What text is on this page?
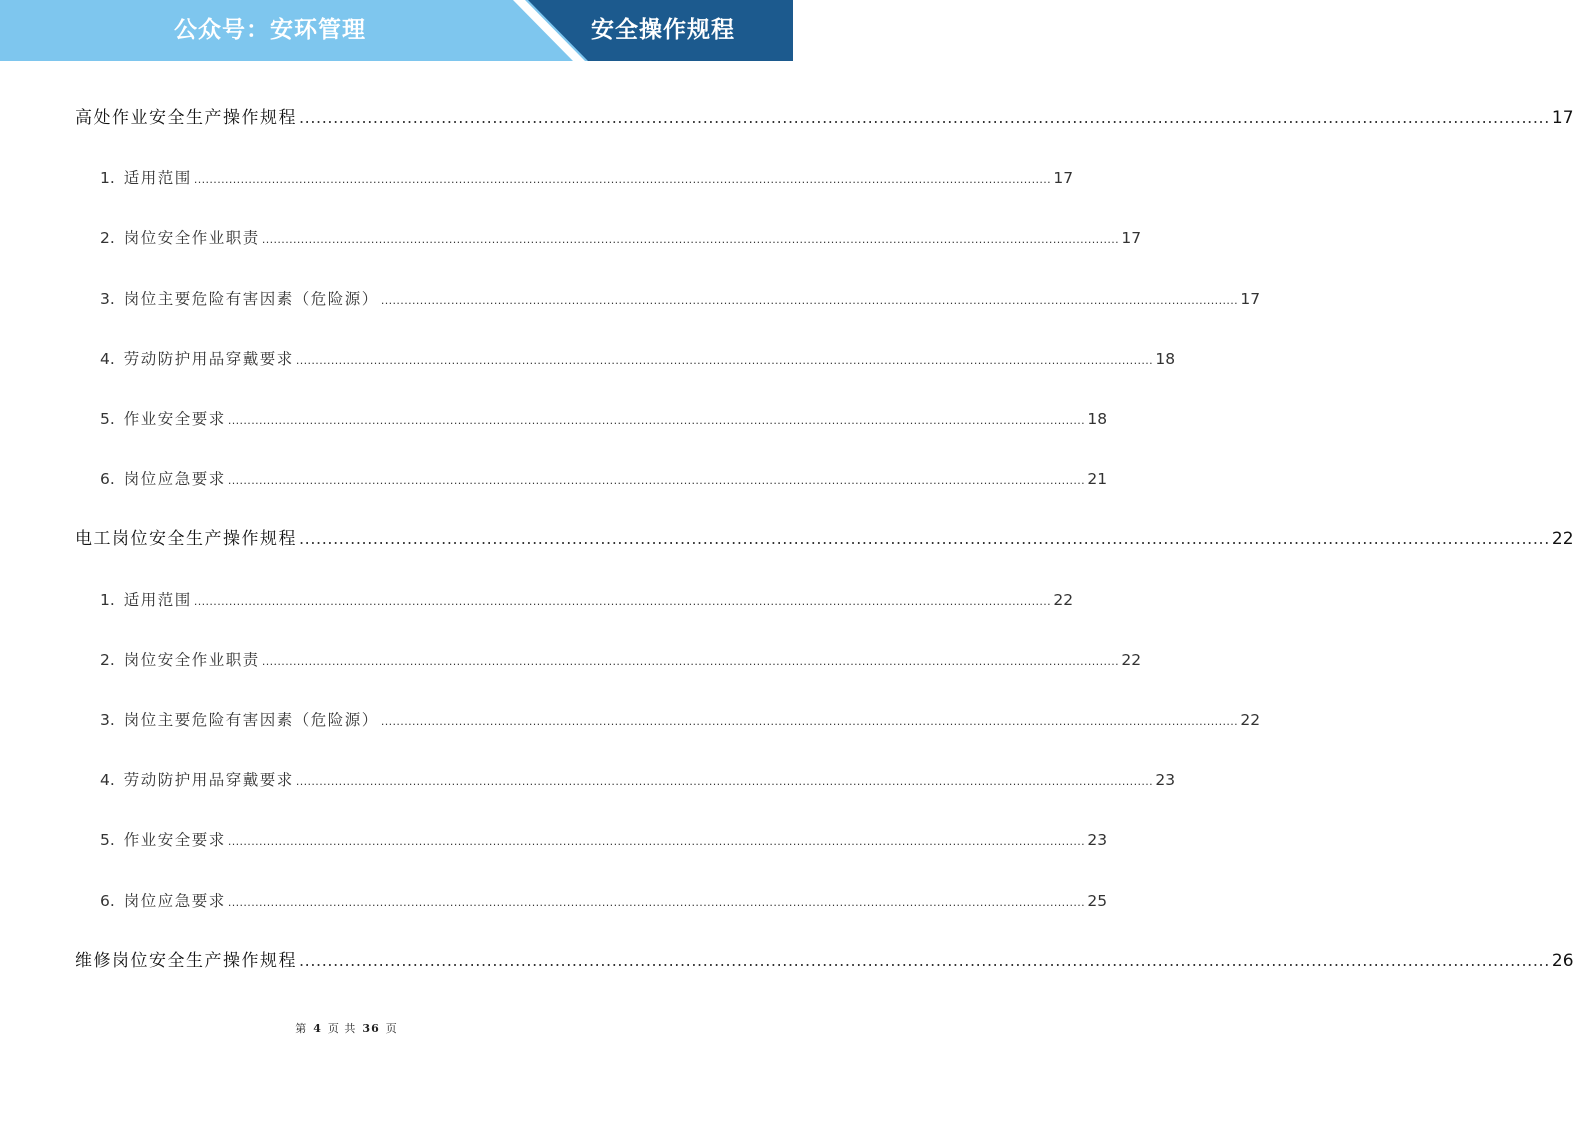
公众号：安环管理	安全操作规程
高处作业安全生产操作规程 ............................................................................................................................................................................................................................ 17
1. 适用范围 ............................................................................................................................................................................................................................ 17
2. 岗位安全作业职责 ............................................................................................................................................................................................................................ 17
3. 岗位主要危险有害因素（危险源） ............................................................................................................................................................................................................................ 17
4. 劳动防护用品穿戴要求 ............................................................................................................................................................................................................................ 18
5. 作业安全要求 ............................................................................................................................................................................................................................ 18
6. 岗位应急要求 ............................................................................................................................................................................................................................ 21
电工岗位安全生产操作规程 ............................................................................................................................................................................................................................ 22
1. 适用范围 ............................................................................................................................................................................................................................ 22
2. 岗位安全作业职责 ............................................................................................................................................................................................................................ 22
3. 岗位主要危险有害因素（危险源） ............................................................................................................................................................................................................................ 22
4. 劳动防护用品穿戴要求 ............................................................................................................................................................................................................................ 23
5. 作业安全要求 ............................................................................................................................................................................................................................ 23
6. 岗位应急要求 ............................................................................................................................................................................................................................ 25
维修岗位安全生产操作规程 ............................................................................................................................................................................................................................ 26
第 4 页 共 36 页
